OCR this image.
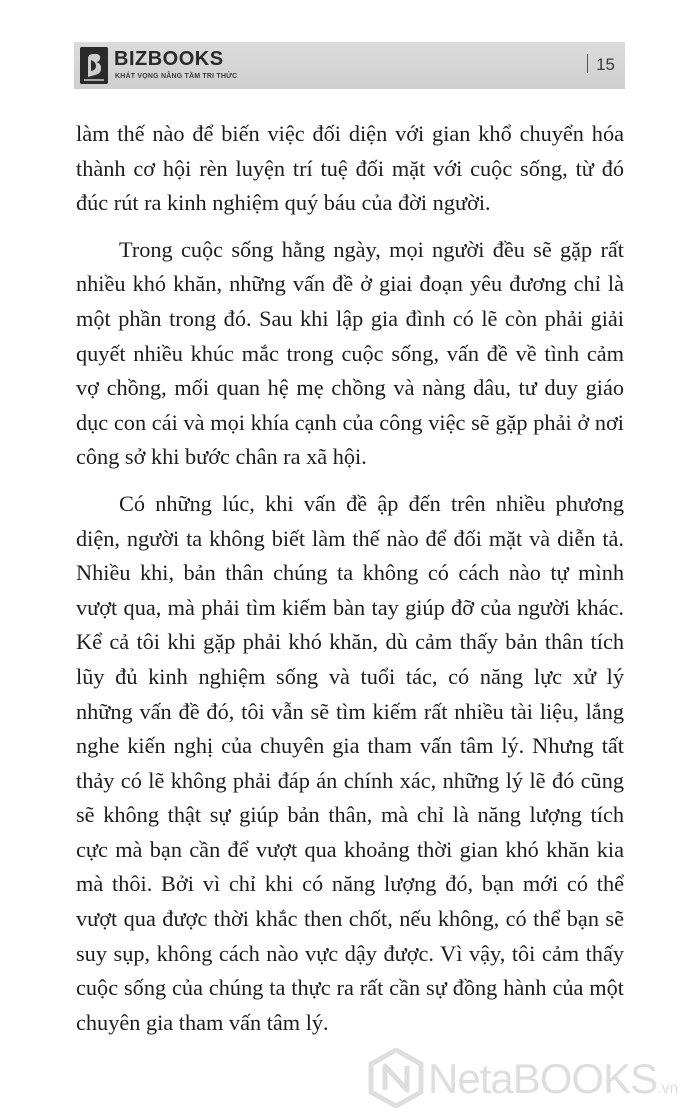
BIZBOOKS
KHÁT VỌNG NÂNG TẦM TRI THỨC
15

làm thế nào để biến việc đối diện với gian khổ chuyển hóa thành cơ hội rèn luyện trí tuệ đối mặt với cuộc sống, từ đó đúc rút ra kinh nghiệm quý báu của đời người.

Trong cuộc sống hằng ngày, mọi người đều sẽ gặp rất nhiều khó khăn, những vấn đề ở giai đoạn yêu đương chỉ là một phần trong đó. Sau khi lập gia đình có lẽ còn phải giải quyết nhiều khúc mắc trong cuộc sống, vấn đề về tình cảm vợ chồng, mối quan hệ mẹ chồng và nàng dâu, tư duy giáo dục con cái và mọi khía cạnh của công việc sẽ gặp phải ở nơi công sở khi bước chân ra xã hội.

Có những lúc, khi vấn đề ập đến trên nhiều phương diện, người ta không biết làm thế nào để đối mặt và diễn tả. Nhiều khi, bản thân chúng ta không có cách nào tự mình vượt qua, mà phải tìm kiếm bàn tay giúp đỡ của người khác. Kể cả tôi khi gặp phải khó khăn, dù cảm thấy bản thân tích lũy đủ kinh nghiệm sống và tuổi tác, có năng lực xử lý những vấn đề đó, tôi vẫn sẽ tìm kiếm rất nhiều tài liệu, lắng nghe kiến nghị của chuyên gia tham vấn tâm lý. Nhưng tất thảy có lẽ không phải đáp án chính xác, những lý lẽ đó cũng sẽ không thật sự giúp bản thân, mà chỉ là năng lượng tích cực mà bạn cần để vượt qua khoảng thời gian khó khăn kia mà thôi. Bởi vì chỉ khi có năng lượng đó, bạn mới có thể vượt qua được thời khắc then chốt, nếu không, có thể bạn sẽ suy sụp, không cách nào vực dậy được. Vì vậy, tôi cảm thấy cuộc sống của chúng ta thực ra rất cần sự đồng hành của một chuyên gia tham vấn tâm lý.

NetaBOOKS.vn
